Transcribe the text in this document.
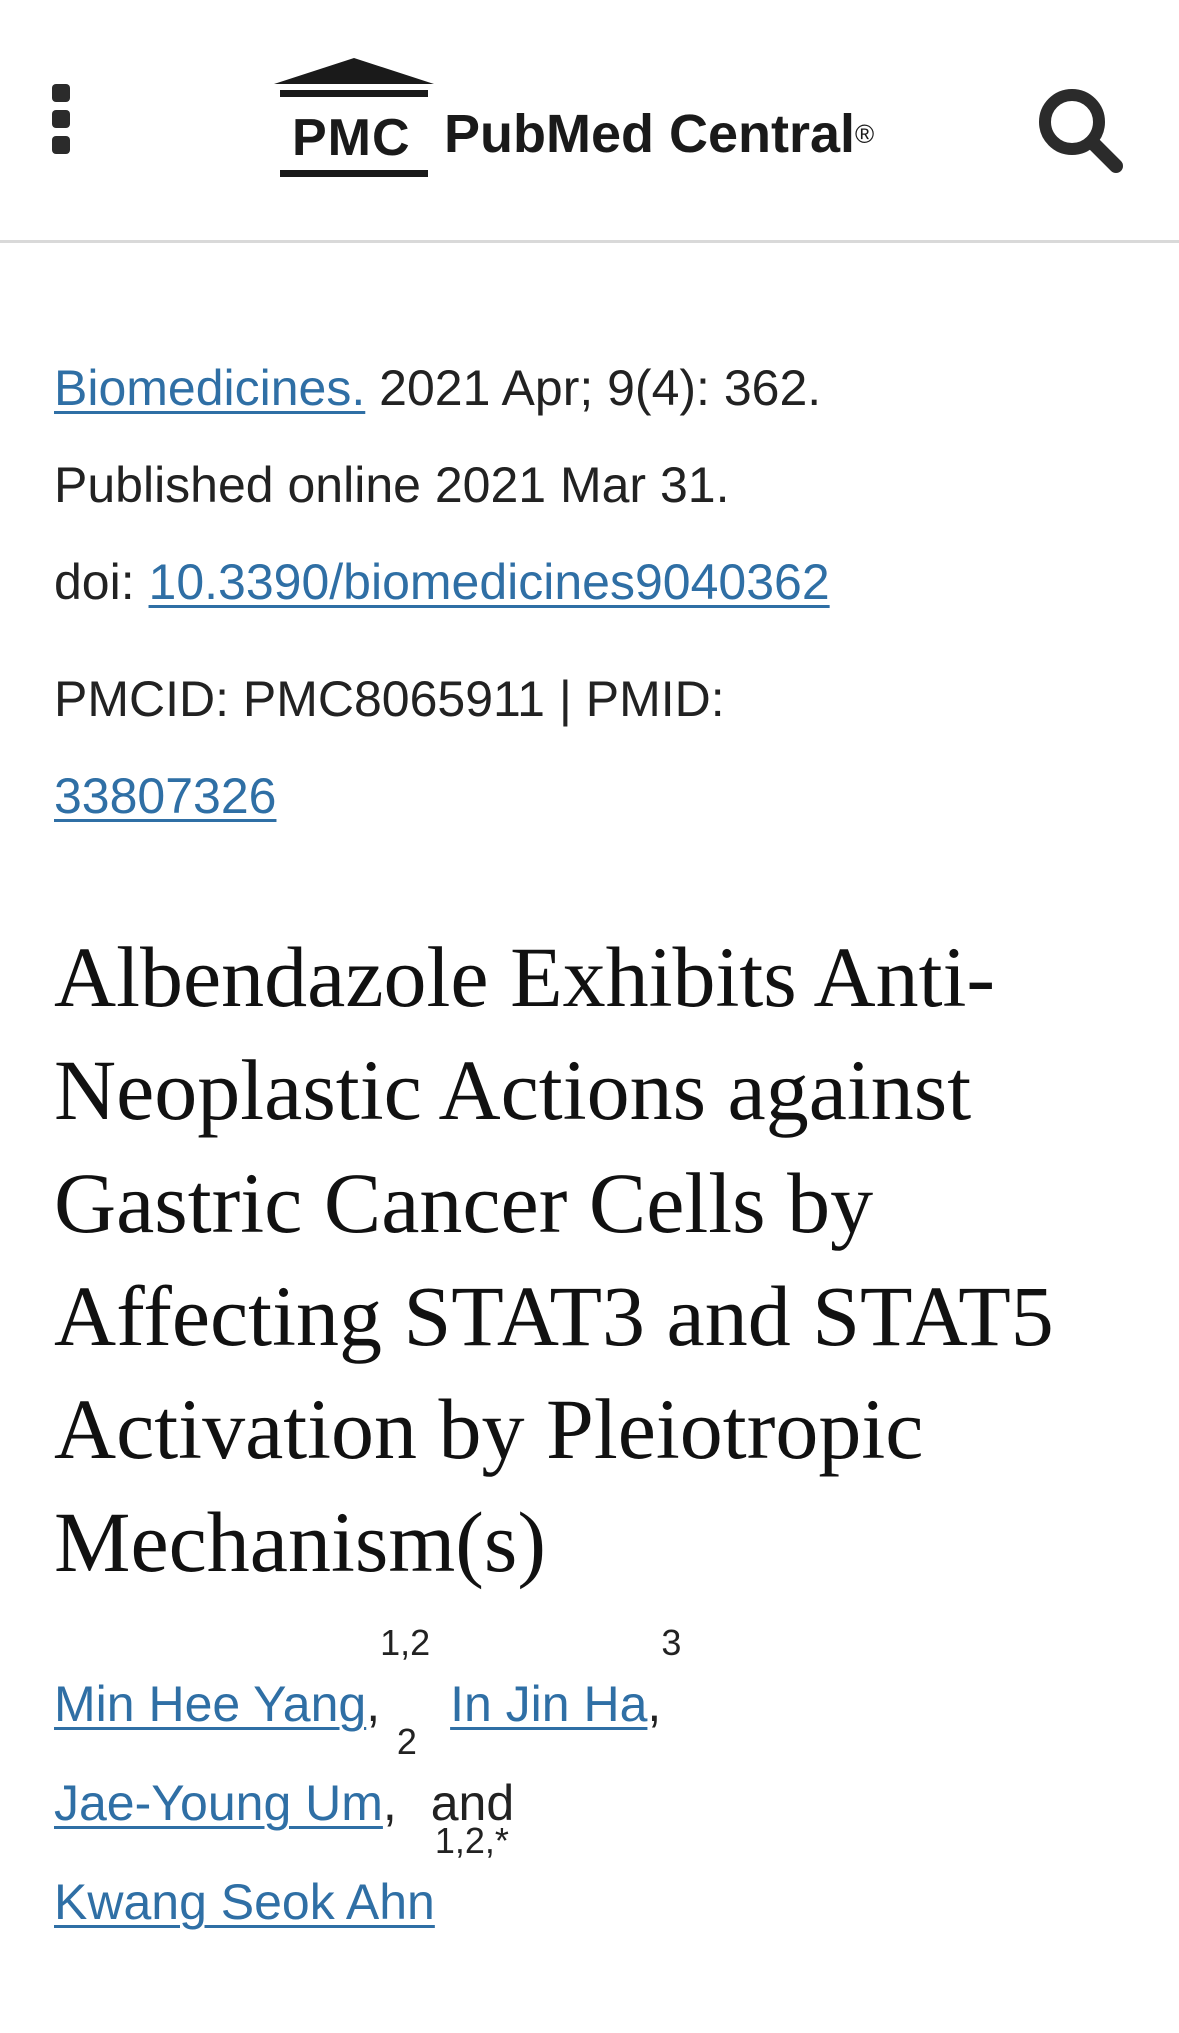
PMC PubMed Central®
Biomedicines. 2021 Apr; 9(4): 362.
Published online 2021 Mar 31.
doi: 10.3390/biomedicines9040362
PMCID: PMC8065911 | PMID:
33807326
Albendazole Exhibits Anti-Neoplastic Actions against Gastric Cancer Cells by Affecting STAT3 and STAT5 Activation by Pleiotropic Mechanism(s)
Min Hee Yang,$^{1,2}$ In Jin Ha,$^3$
Jae-Young Um,$^2$ and
Kwang Seok Ahn$^{1,2,*}$
